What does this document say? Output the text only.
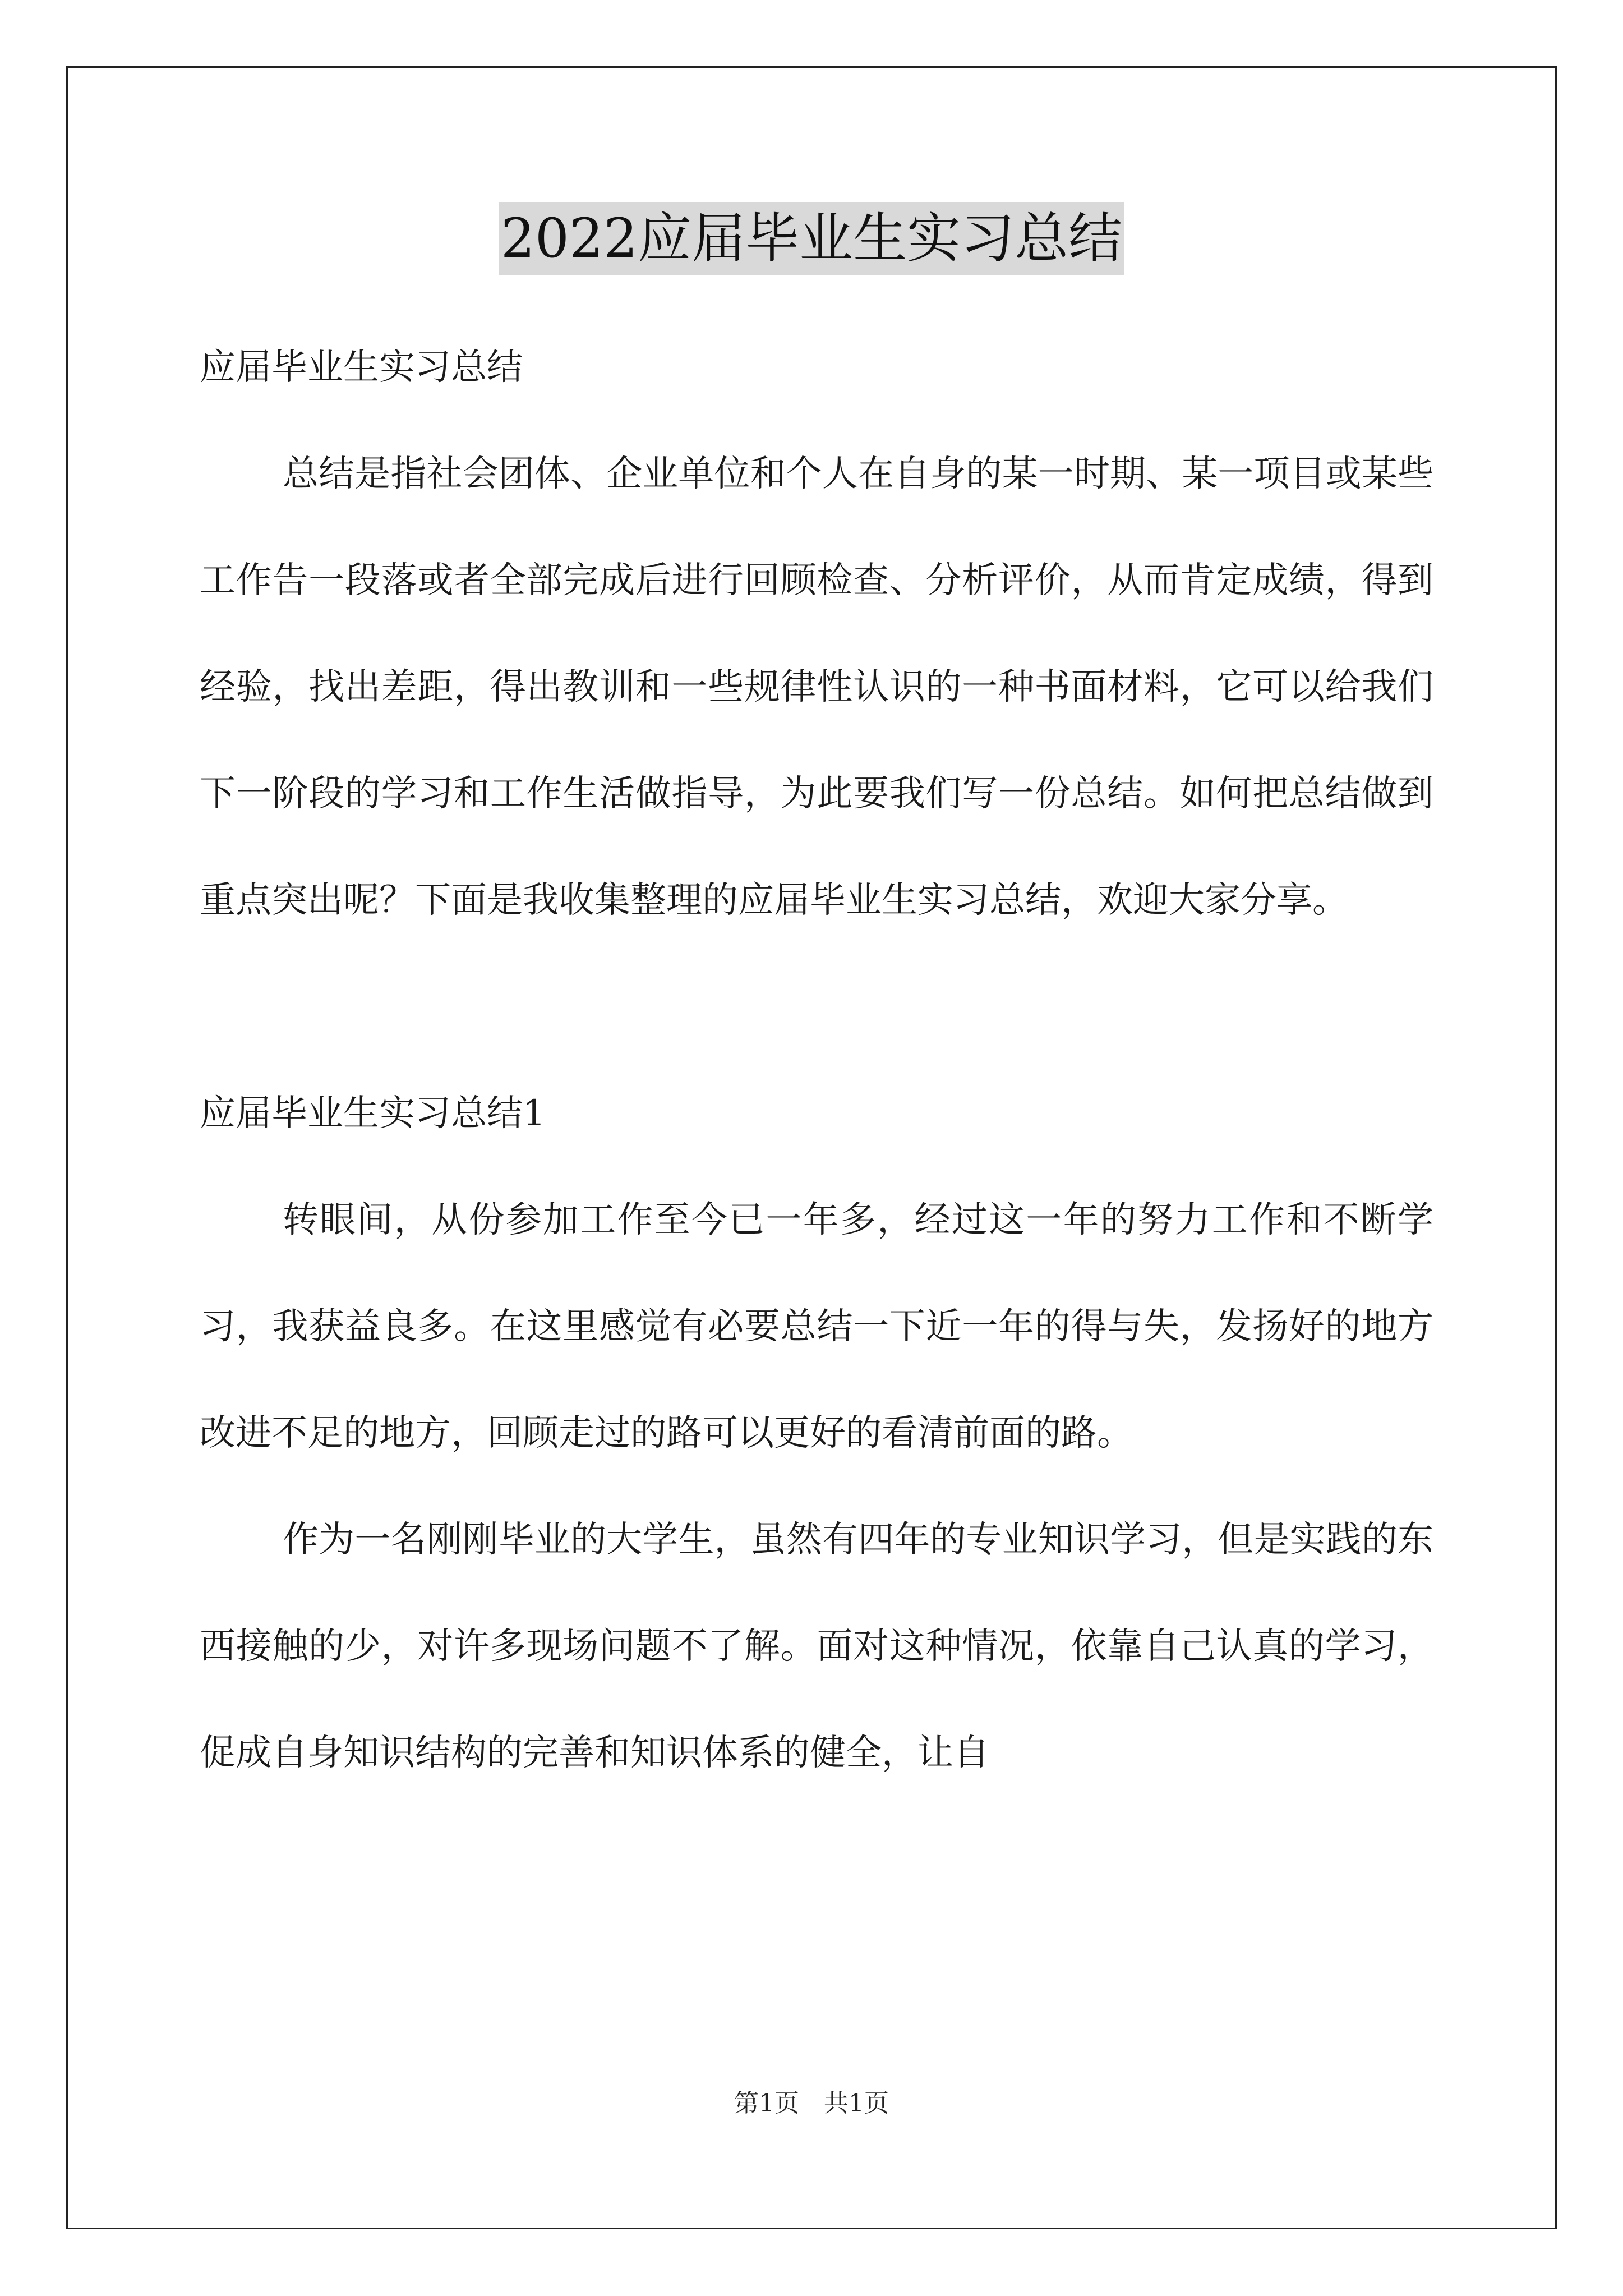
2022应届毕业生实习总结

应届毕业生实习总结

总结是指社会团体、企业单位和个人在自身的某一时期、某一项目或某些工作告一段落或者全部完成后进行回顾检查、分析评价，从而肯定成绩，得到经验，找出差距，得出教训和一些规律性认识的一种书面材料，它可以给我们下一阶段的学习和工作生活做指导，为此要我们写一份总结。如何把总结做到重点突出呢？下面是我收集整理的应届毕业生实习总结，欢迎大家分享。

应届毕业生实习总结1

转眼间，从份参加工作至今已一年多，经过这一年的努力工作和不断学习，我获益良多。在这里感觉有必要总结一下近一年的得与失，发扬好的地方改进不足的地方，回顾走过的路可以更好的看清前面的路。

作为一名刚刚毕业的大学生，虽然有四年的专业知识学习，但是实践的东西接触的少，对许多现场问题不了解。面对这种情况，依靠自己认真的学习，促成自身知识结构的完善和知识体系的健全，让自

第1页　共1页
